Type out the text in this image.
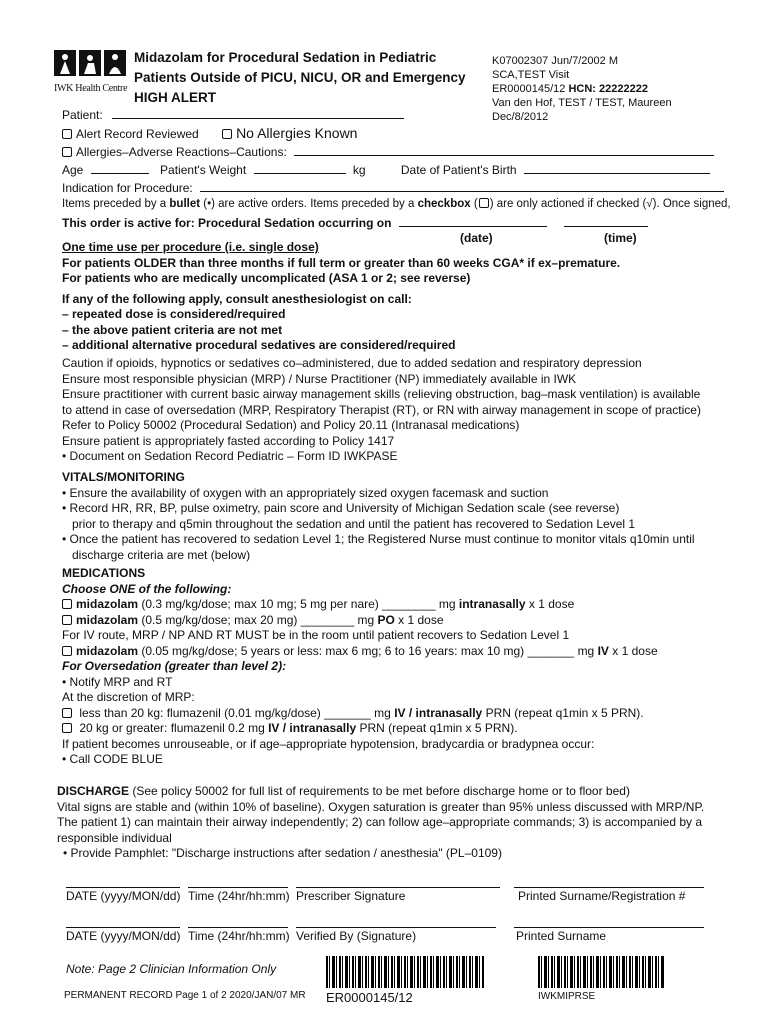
IWK Health Centre
Midazolam for Procedural Sedation in Pediatric
Patients Outside of PICU, NICU, OR and Emergency
HIGH ALERT
K07002307 Jun/7/2002 M
SCA,TEST Visit
ER0000145/12 HCN: 22222222
Van den Hof, TEST / TEST, Maureen
Dec/8/2012
Patient:
Alert Record Reviewed	No Allergies Known
Allergies–Adverse Reactions–Cautions:
Age	Patient's Weight	kg	Date of Patient's Birth
Indication for Procedure:
Items preceded by a bullet (•) are active orders. Items preceded by a checkbox ( ) are only actioned if checked (√). Once signed,
This order is active for: Procedural Sedation occurring on
(date)	(time)
One time use per procedure (i.e. single dose)
For patients OLDER than three months if full term or greater than 60 weeks CGA* if ex–premature.
For patients who are medically uncomplicated (ASA 1 or 2; see reverse)
If any of the following apply, consult anesthesiologist on call:
– repeated dose is considered/required
– the above patient criteria are not met
– additional alternative procedural sedatives are considered/required
Caution if opioids, hypnotics or sedatives co–administered, due to added sedation and respiratory depression
Ensure most responsible physician (MRP) / Nurse Practitioner (NP) immediately available in IWK
Ensure practitioner with current basic airway management skills (relieving obstruction, bag–mask ventilation) is available
to attend in case of oversedation (MRP, Respiratory Therapist (RT), or RN with airway management in scope of practice)
Refer to Policy 50002 (Procedural Sedation) and Policy 20.11 (Intranasal medications)
Ensure patient is appropriately fasted according to Policy 1417
• Document on Sedation Record Pediatric – Form ID IWKPASE
VITALS/MONITORING
• Ensure the availability of oxygen with an appropriately sized oxygen facemask and suction
• Record HR, RR, BP, pulse oximetry, pain score and University of Michigan Sedation scale (see reverse)
prior to therapy and q5min throughout the sedation and until the patient has recovered to Sedation Level 1
• Once the patient has recovered to sedation Level 1; the Registered Nurse must continue to monitor vitals q10min until
discharge criteria are met (below)
MEDICATIONS
Choose ONE of the following:
midazolam (0.3 mg/kg/dose; max 10 mg; 5 mg per nare) ________ mg intranasally x 1 dose
midazolam (0.5 mg/kg/dose; max 20 mg) ________ mg PO x 1 dose
For IV route, MRP / NP AND RT MUST be in the room until patient recovers to Sedation Level 1
midazolam (0.05 mg/kg/dose; 5 years or less: max 6 mg; 6 to 16 years: max 10 mg) _______ mg IV x 1 dose
For Oversedation (greater than level 2):
• Notify MRP and RT
At the discretion of MRP:
less than 20 kg: flumazenil (0.01 mg/kg/dose) _______ mg IV / intranasally PRN (repeat q1min x 5 PRN).
20 kg or greater: flumazenil 0.2 mg IV / intranasally PRN (repeat q1min x 5 PRN).
If patient becomes unrouseable, or if age–appropriate hypotension, bradycardia or bradypnea occur:
• Call CODE BLUE
DISCHARGE (See policy 50002 for full list of requirements to be met before discharge home or to floor bed)
Vital signs are stable and (within 10% of baseline). Oxygen saturation is greater than 95% unless discussed with MRP/NP.
The patient 1) can maintain their airway independently; 2) can follow age–appropriate commands; 3) is accompanied by a
responsible individual
• Provide Pamphlet: "Discharge instructions after sedation / anesthesia" (PL–0109)
DATE (yyyy/MON/dd) Time (24hr/hh:mm) Prescriber Signature	Printed Surname/Registration #
DATE (yyyy/MON/dd) Time (24hr/hh:mm) Verified By (Signature)	Printed Surname
Note: Page 2 Clinician Information Only
PERMANENT RECORD Page 1 of 2 2020/JAN/07 MR ER0000145/12	IWKMIPRSE
